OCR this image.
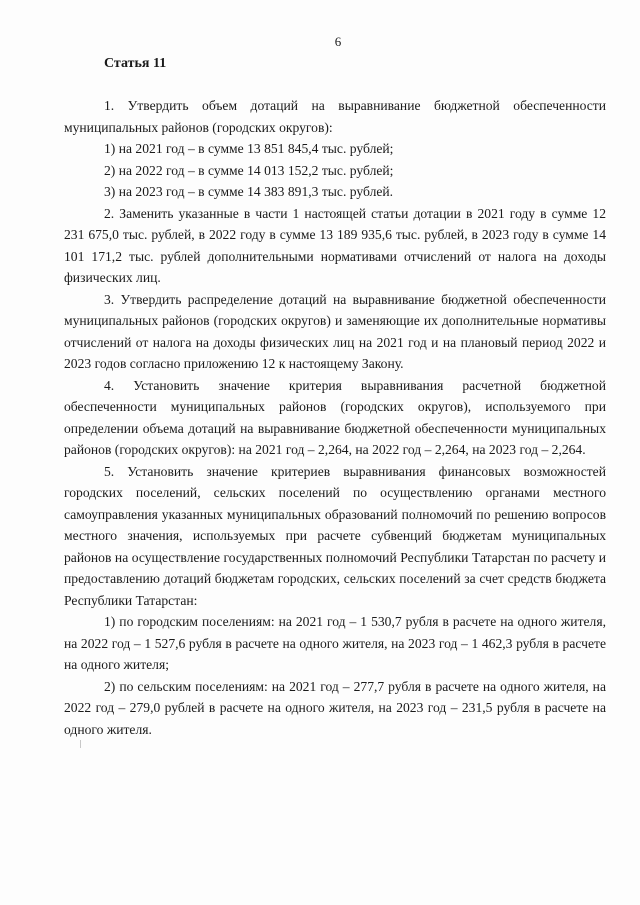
6
Статья 11

1. Утвердить объем дотаций на выравнивание бюджетной обеспеченности муниципальных районов (городских округов):

1) на 2021 год – в сумме 13 851 845,4 тыс. рублей;

2) на 2022 год – в сумме 14 013 152,2 тыс. рублей;

3) на 2023 год – в сумме 14 383 891,3 тыс. рублей.

2. Заменить указанные в части 1 настоящей статьи дотации в 2021 году в сумме 12 231 675,0 тыс. рублей, в 2022 году в сумме 13 189 935,6 тыс. рублей, в 2023 году в сумме 14 101 171,2 тыс. рублей дополнительными нормативами отчислений от налога на доходы физических лиц.

3. Утвердить распределение дотаций на выравнивание бюджетной обеспеченности муниципальных районов (городских округов) и заменяющие их дополнительные нормативы отчислений от налога на доходы физических лиц на 2021 год и на плановый период 2022 и 2023 годов согласно приложению 12 к настоящему Закону.

4. Установить значение критерия выравнивания расчетной бюджетной обеспеченности муниципальных районов (городских округов), используемого при определении объема дотаций на выравнивание бюджетной обеспеченности муниципальных районов (городских округов): на 2021 год – 2,264, на 2022 год – 2,264, на 2023 год – 2,264.

5. Установить значение критериев выравнивания финансовых возможностей городских поселений, сельских поселений по осуществлению органами местного самоуправления указанных муниципальных образований полномочий по решению вопросов местного значения, используемых при расчете субвенций бюджетам муниципальных районов на осуществление государственных полномочий Республики Татарстан по расчету и предоставлению дотаций бюджетам городских, сельских поселений за счет средств бюджета Республики Татарстан:

1) по городским поселениям: на 2021 год – 1 530,7 рубля в расчете на одного жителя, на 2022 год – 1 527,6 рубля в расчете на одного жителя, на 2023 год – 1 462,3 рубля в расчете на одного жителя;

2) по сельским поселениям: на 2021 год – 277,7 рубля в расчете на одного жителя, на 2022 год – 279,0 рублей в расчете на одного жителя, на 2023 год – 231,5 рубля в расчете на одного жителя.
